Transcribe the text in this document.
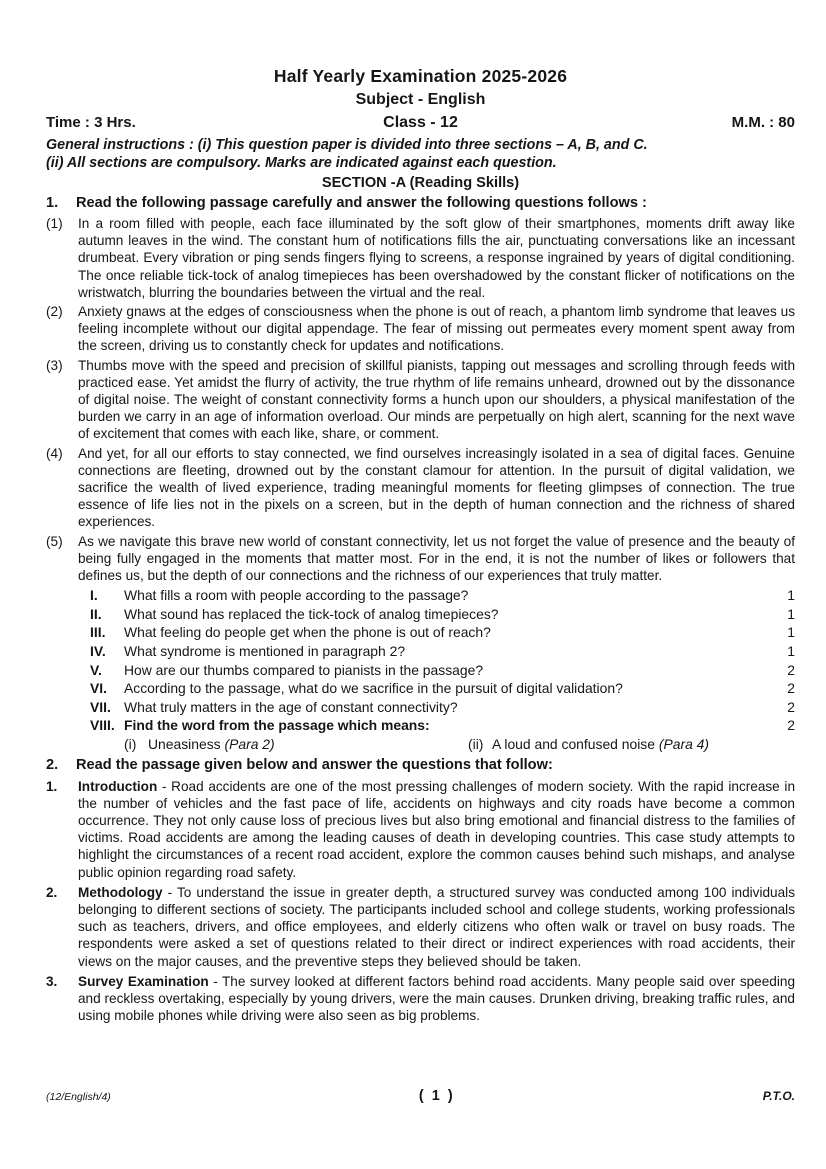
Half Yearly Examination 2025-2026
Subject - English
Time : 3 Hrs.	Class - 12	M.M. : 80
General instructions : (i) This question paper is divided into three sections – A, B, and C.
(ii) All sections are compulsory. Marks are indicated against each question.
SECTION -A (Reading Skills)
1.	Read the following passage carefully and answer the following questions follows :
(1) In a room filled with people, each face illuminated by the soft glow of their smartphones, moments drift away like autumn leaves in the wind. The constant hum of notifications fills the air, punctuating conversations like an incessant drumbeat. Every vibration or ping sends fingers flying to screens, a response ingrained by years of digital conditioning. The once reliable tick-tock of analog timepieces has been overshadowed by the constant flicker of notifications on the wristwatch, blurring the boundaries between the virtual and the real.
(2) Anxiety gnaws at the edges of consciousness when the phone is out of reach, a phantom limb syndrome that leaves us feeling incomplete without our digital appendage. The fear of missing out permeates every moment spent away from the screen, driving us to constantly check for updates and notifications.
(3) Thumbs move with the speed and precision of skillful pianists, tapping out messages and scrolling through feeds with practiced ease. Yet amidst the flurry of activity, the true rhythm of life remains unheard, drowned out by the dissonance of digital noise. The weight of constant connectivity forms a hunch upon our shoulders, a physical manifestation of the burden we carry in an age of information overload. Our minds are perpetually on high alert, scanning for the next wave of excitement that comes with each like, share, or comment.
(4) And yet, for all our efforts to stay connected, we find ourselves increasingly isolated in a sea of digital faces. Genuine connections are fleeting, drowned out by the constant clamour for attention. In the pursuit of digital validation, we sacrifice the wealth of lived experience, trading meaningful moments for fleeting glimpses of connection. The true essence of life lies not in the pixels on a screen, but in the depth of human connection and the richness of shared experiences.
(5) As we navigate this brave new world of constant connectivity, let us not forget the value of presence and the beauty of being fully engaged in the moments that matter most. For in the end, it is not the number of likes or followers that defines us, but the depth of our connections and the richness of our experiences that truly matter.
I.	What fills a room with people according to the passage?	1
II.	What sound has replaced the tick-tock of analog timepieces?	1
III.	What feeling do people get when the phone is out of reach?	1
IV.	What syndrome is mentioned in paragraph 2?	1
V.	How are our thumbs compared to pianists in the passage?	2
VI.	According to the passage, what do we sacrifice in the pursuit of digital validation?	2
VII. What truly matters in the age of constant connectivity?	2
VIII. Find the word from the passage which means:	2
(i) Uneasiness (Para 2)	(ii) A loud and confused noise (Para 4)
2.	Read the passage given below and answer the questions that follow:
1. Introduction - Road accidents are one of the most pressing challenges of modern society. With the rapid increase in the number of vehicles and the fast pace of life, accidents on highways and city roads have become a common occurrence. They not only cause loss of precious lives but also bring emotional and financial distress to the families of victims. Road accidents are among the leading causes of death in developing countries. This case study attempts to highlight the circumstances of a recent road accident, explore the common causes behind such mishaps, and analyse public opinion regarding road safety.
2. Methodology - To understand the issue in greater depth, a structured survey was conducted among 100 individuals belonging to different sections of society. The participants included school and college students, working professionals such as teachers, drivers, and office employees, and elderly citizens who often walk or travel on busy roads. The respondents were asked a set of questions related to their direct or indirect experiences with road accidents, their views on the major causes, and the preventive steps they believed should be taken.
3. Survey Examination - The survey looked at different factors behind road accidents. Many people said over speeding and reckless overtaking, especially by young drivers, were the main causes. Drunken driving, breaking traffic rules, and using mobile phones while driving were also seen as big problems.
(12/English/4)	( 1 )	P.T.O.
